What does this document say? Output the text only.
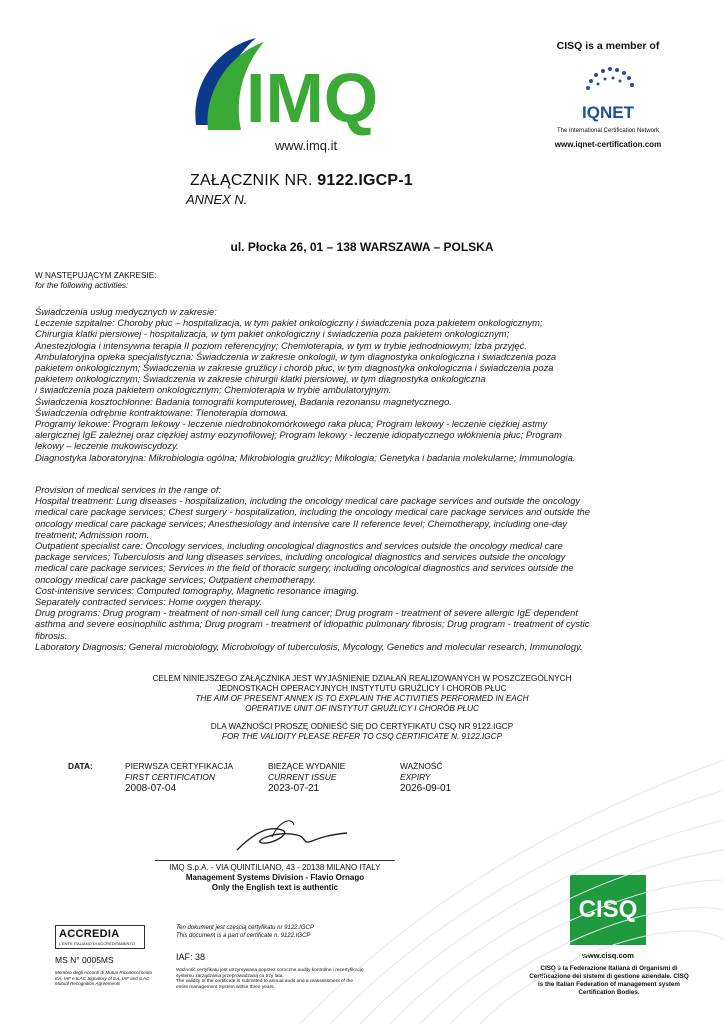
IMQ
www.imq.it
CISQ is a member of
IQNET
The International Certification Network
www.iqnet-certification.com
ZAŁĄCZNIK NR. 9122.IGCP-1
ANNEX N.
ul. Płocka 26, 01 – 138 WARSZAWA – POLSKA
W NASTĘPUJĄCYM ZAKRESIE:
for the following activities:
Świadczenia usług medycznych w zakresie:
Leczenie szpitalne: Choroby płuc – hospitalizacja, w tym pakiet onkologiczny i świadczenia poza pakietem onkologicznym;
Chirurgia klatki piersiowej - hospitalizacja, w tym pakiet onkologiczny i świadczenia poza pakietem onkologicznym;
Anestezjologia i intensywna terapia II poziom referencyjny; Chemioterapia, w tym w trybie jednodniowym; Izba przyjęć.
Ambulatoryjna opieka specjalistyczna: Świadczenia w zakresie onkologii, w tym diagnostyka onkologiczna i świadczenia poza
pakietem onkologicznym; Świadczenia w zakresie gruźlicy i chorób płuc, w tym diagnostyka onkologiczna i świadczenia poza
pakietem onkologicznym; Świadczenia w zakresie chirurgii klatki piersiowej, w tym diagnostyka onkologiczna
i świadczenia poza pakietem onkologicznym; Chemioterapia w trybie ambulatoryjnym.
Świadczenia kosztochłonne: Badania tomografii komputerowej, Badania rezonansu magnetycznego.
Świadczenia odrębnie kontraktowane: Tlenoterapia domowa.
Programy lekowe: Program lekowy - leczenie niedrobnokomórkowego raka płuca; Program lekowy - leczenie ciężkiej astmy
alergicznej IgE zależnej oraz ciężkiej astmy eozynofilowej; Program lekowy - leczenie idiopatycznego włóknienia płuc; Program
lekowy – leczenie mukowiscydozy.
Diagnostyka laboratoryjna: Mikrobiologia ogólna; Mikrobiologia gruźlicy; Mikologia; Genetyka i badania molekularne; Immunologia.
Provision of medical services in the range of:
Hospital treatment: Lung diseases - hospitalization, including the oncology medical care package services and outside the oncology
medical care package services; Chest surgery - hospitalization, including the oncology medical care package services and outside the
oncology medical care package services; Anesthesiology and intensive care II reference level; Chemotherapy, including one-day
treatment; Admission room.
Outpatient specialist care: Oncology services, including oncological diagnostics and services outside the oncology medical care
package services; Tuberculosis and lung diseases services, including oncological diagnostics and services outside the oncology
medical care package services; Services in the field of thoracic surgery, including oncological diagnostics and services outside the
oncology medical care package services; Outpatient chemotherapy.
Cost-intensive services: Computed tomography, Magnetic resonance imaging.
Separately contracted services: Home oxygen therapy.
Drug programs: Drug program - treatment of non-small cell lung cancer; Drug program - treatment of severe allergic IgE dependent
asthma and severe eosinophilic asthma; Drug program - treatment of idiopathic pulmonary fibrosis; Drug program - treatment of cystic
fibrosis.
Laboratory Diagnosis: General microbiology, Microbiology of tuberculosis, Mycology, Genetics and molecular research, Immunology.
CELEM NINIEJSZEGO ZAŁĄCZNIKA JEST WYJAŚNIENIE DZIAŁAŃ REALIZOWANYCH W POSZCZEGÓLNYCH
JEDNOSTKACH OPERACYJNYCH INSTYTUTU GRUŹLICY I CHORÓB PŁUC
THE AIM OF PRESENT ANNEX IS TO EXPLAIN THE ACTIVITIES PERFORMED IN EACH
OPERATIVE UNIT OF INSTYTUT GRUŹLICY I CHORÓB PŁUC
DLA WAŻNOŚCI PROSZĘ ODNIEŚĆ SIĘ DO CERTYFIKATU CSQ NR 9122.IGCP
FOR THE VALIDITY PLEASE REFER TO CSQ CERTIFICATE N. 9122.IGCP
DATA:	PIERWSZA CERTYFIKACJA
FIRST CERTIFICATION
2008-07-04
BIEŻĄCE WYDANIE
CURRENT ISSUE
2023-07-21
WAŻNOŚĆ
EXPIRY
2026-09-01
IMQ S.p.A. - VIA QUINTILIANO, 43 - 20138 MILANO ITALY
Management Systems Division - Flavio Ornago
Only the English text is authentic
CISQ
www.cisq.com
CISQ è la Federazione Italiana di Organismi di
Certificazione dei sistemi di gestione aziendale. CISQ
is the Italian Federation of management system
Certification Bodies.
ACCREDIA
L'ENTE ITALIANO DI ACCREDITAMENTO
MS N° 0005MS
Membro degli Accordi di Mutuo Riconoscimento EA, IAF e ILAC Signatory of EA, IAF and ILAC Mutual Recognition Agreements
Ten dokument jest częścią certyfikatu nr 9122.IGCP
This document is a part of certificate n. 9122.IGCP
IAF: 38
Ważność certyfikatu jest utrzymywana poprzez coroczne audity kontrolne i recertyfikację systemu zarządzania przeprowadzaną co trzy lata.
The validity of the certificate is submitted to annual audit and a reassessment of the entire management System within three years.
